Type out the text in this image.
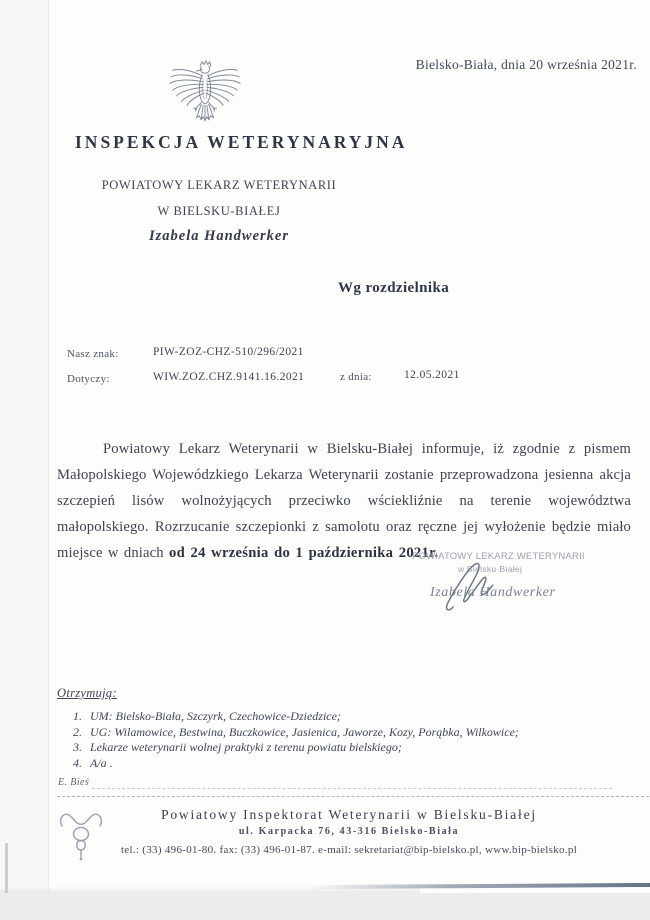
Bielsko-Biała, dnia 20 września 2021r.
INSPEKCJA WETERYNARYJNA
POWIATOWY LEKARZ WETERYNARII
W BIELSKU-BIAŁEJ
Izabela Handwerker
Wg rozdzielnika
Nasz znak:	PIW-ZOZ-CHZ-510/296/2021
Dotyczy:	WIW.ZOZ.CHZ.9141.16.2021	z dnia:	12.05.2021
Powiatowy Lekarz Weterynarii w Bielsku-Białej informuje, iż zgodnie z pismem Małopolskiego Wojewódzkiego Lekarza Weterynarii zostanie przeprowadzona jesienna akcja szczepień lisów wolnożyjących przeciwko wściekliźnie na terenie województwa małopolskiego. Rozrzucanie szczepionki z samolotu oraz ręczne jej wyłożenie będzie miało miejsce w dniach od 24 września do 1 października 2021r.
POWIATOWY LEKARZ WETERYNARII
w Bielsku-Białej
Izabela Handwerker
Otrzymują:
1. UM: Bielsko-Biała, Szczyrk, Czechowice-Dziedzice;
2. UG: Wilamowice, Bestwina, Buczkowice, Jasienica, Jaworze, Kozy, Porąbka, Wilkowice;
3. Lekarze weterynarii wolnej praktyki z terenu powiatu bielskiego;
4. A/a .
E. Bieś
Powiatowy Inspektorat Weterynarii w Bielsku-Białej
ul. Karpacka 76, 43-316 Bielsko-Biała
tel.: (33) 496-01-80. fax: (33) 496-01-87. e-mail: sekretariat@bip-bielsko.pl, www.bip-bielsko.pl
